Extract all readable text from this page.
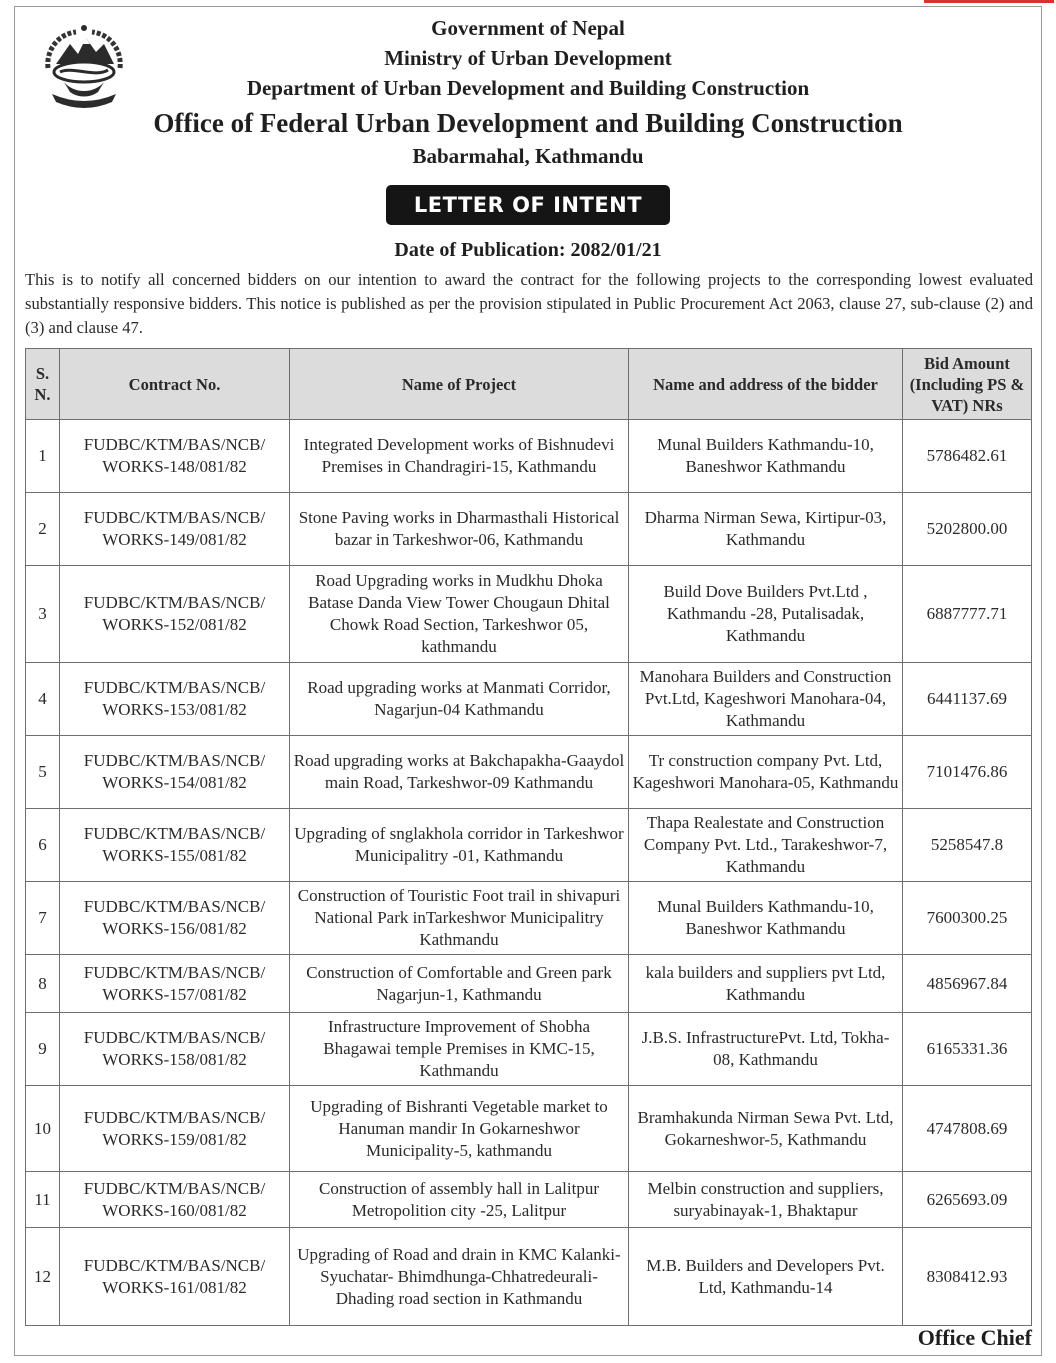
Government of Nepal
Ministry of Urban Development
Department of Urban Development and Building Construction
Office of Federal Urban Development and Building Construction
Babarmahal, Kathmandu
LETTER OF INTENT
Date of Publication: 2082/01/21
This is to notify all concerned bidders on our intention to award the contract for the following projects to the corresponding lowest evaluated substantially responsive bidders. This notice is published as per the provision stipulated in Public Procurement Act 2063, clause 27, sub-clause (2) and (3) and clause 47.
S. N.	Contract No.	Name of Project	Name and address of the bidder	Bid Amount (Including PS & VAT) NRs
1	FUDBC/KTM/BAS/NCB/ WORKS-148/081/82	Integrated Development works of Bishnudevi Premises in Chandragiri-15, Kathmandu	Munal Builders Kathmandu-10, Baneshwor Kathmandu	5786482.61
2	FUDBC/KTM/BAS/NCB/ WORKS-149/081/82	Stone Paving works in Dharmasthali Historical bazar in Tarkeshwor-06, Kathmandu	Dharma Nirman Sewa, Kirtipur-03, Kathmandu	5202800.00
3	FUDBC/KTM/BAS/NCB/ WORKS-152/081/82	Road Upgrading works in Mudkhu Dhoka Batase Danda View Tower Chougaun Dhital Chowk Road Section, Tarkeshwor 05, kathmandu	Build Dove Builders Pvt.Ltd , Kathmandu -28, Putalisadak, Kathmandu	6887777.71
4	FUDBC/KTM/BAS/NCB/ WORKS-153/081/82	Road upgrading works at Manmati Corridor, Nagarjun-04 Kathmandu	Manohara Builders and Construction Pvt.Ltd, Kageshwori Manohara-04, Kathmandu	6441137.69
5	FUDBC/KTM/BAS/NCB/ WORKS-154/081/82	Road upgrading works at Bakchapakha-Gaaydol main Road, Tarkeshwor-09 Kathmandu	Tr construction company Pvt. Ltd, Kageshwori Manohara-05, Kathmandu	7101476.86
6	FUDBC/KTM/BAS/NCB/ WORKS-155/081/82	Upgrading of snglakhola corridor in Tarkeshwor Municipalitry -01, Kathmandu	Thapa Realestate and Construction Company Pvt. Ltd., Tarakeshwor-7, Kathmandu	5258547.8
7	FUDBC/KTM/BAS/NCB/ WORKS-156/081/82	Construction of Touristic Foot trail in shivapuri National Park inTarkeshwor Municipalitry Kathmandu	Munal Builders Kathmandu-10, Baneshwor Kathmandu	7600300.25
8	FUDBC/KTM/BAS/NCB/ WORKS-157/081/82	Construction of Comfortable and Green park Nagarjun-1, Kathmandu	kala builders and suppliers pvt Ltd, Kathmandu	4856967.84
9	FUDBC/KTM/BAS/NCB/ WORKS-158/081/82	Infrastructure Improvement of Shobha Bhagawai temple Premises in KMC-15, Kathmandu	J.B.S. InfrastructurePvt. Ltd, Tokha- 08, Kathmandu	6165331.36
10	FUDBC/KTM/BAS/NCB/ WORKS-159/081/82	Upgrading of Bishranti Vegetable market to Hanuman mandir In Gokarneshwor Municipality-5, kathmandu	Bramhakunda Nirman Sewa Pvt. Ltd, Gokarneshwor-5, Kathmandu	4747808.69
11	FUDBC/KTM/BAS/NCB/ WORKS-160/081/82	Construction of assembly hall in Lalitpur Metropolition city -25, Lalitpur	Melbin construction and suppliers, suryabinayak-1, Bhaktapur	6265693.09
12	FUDBC/KTM/BAS/NCB/ WORKS-161/081/82	Upgrading of Road and drain in KMC Kalanki- Syuchatar- Bhimdhunga-Chhatredeurali-Dhading road section in Kathmandu	M.B. Builders and Developers Pvt. Ltd, Kathmandu-14	8308412.93
Office Chief
